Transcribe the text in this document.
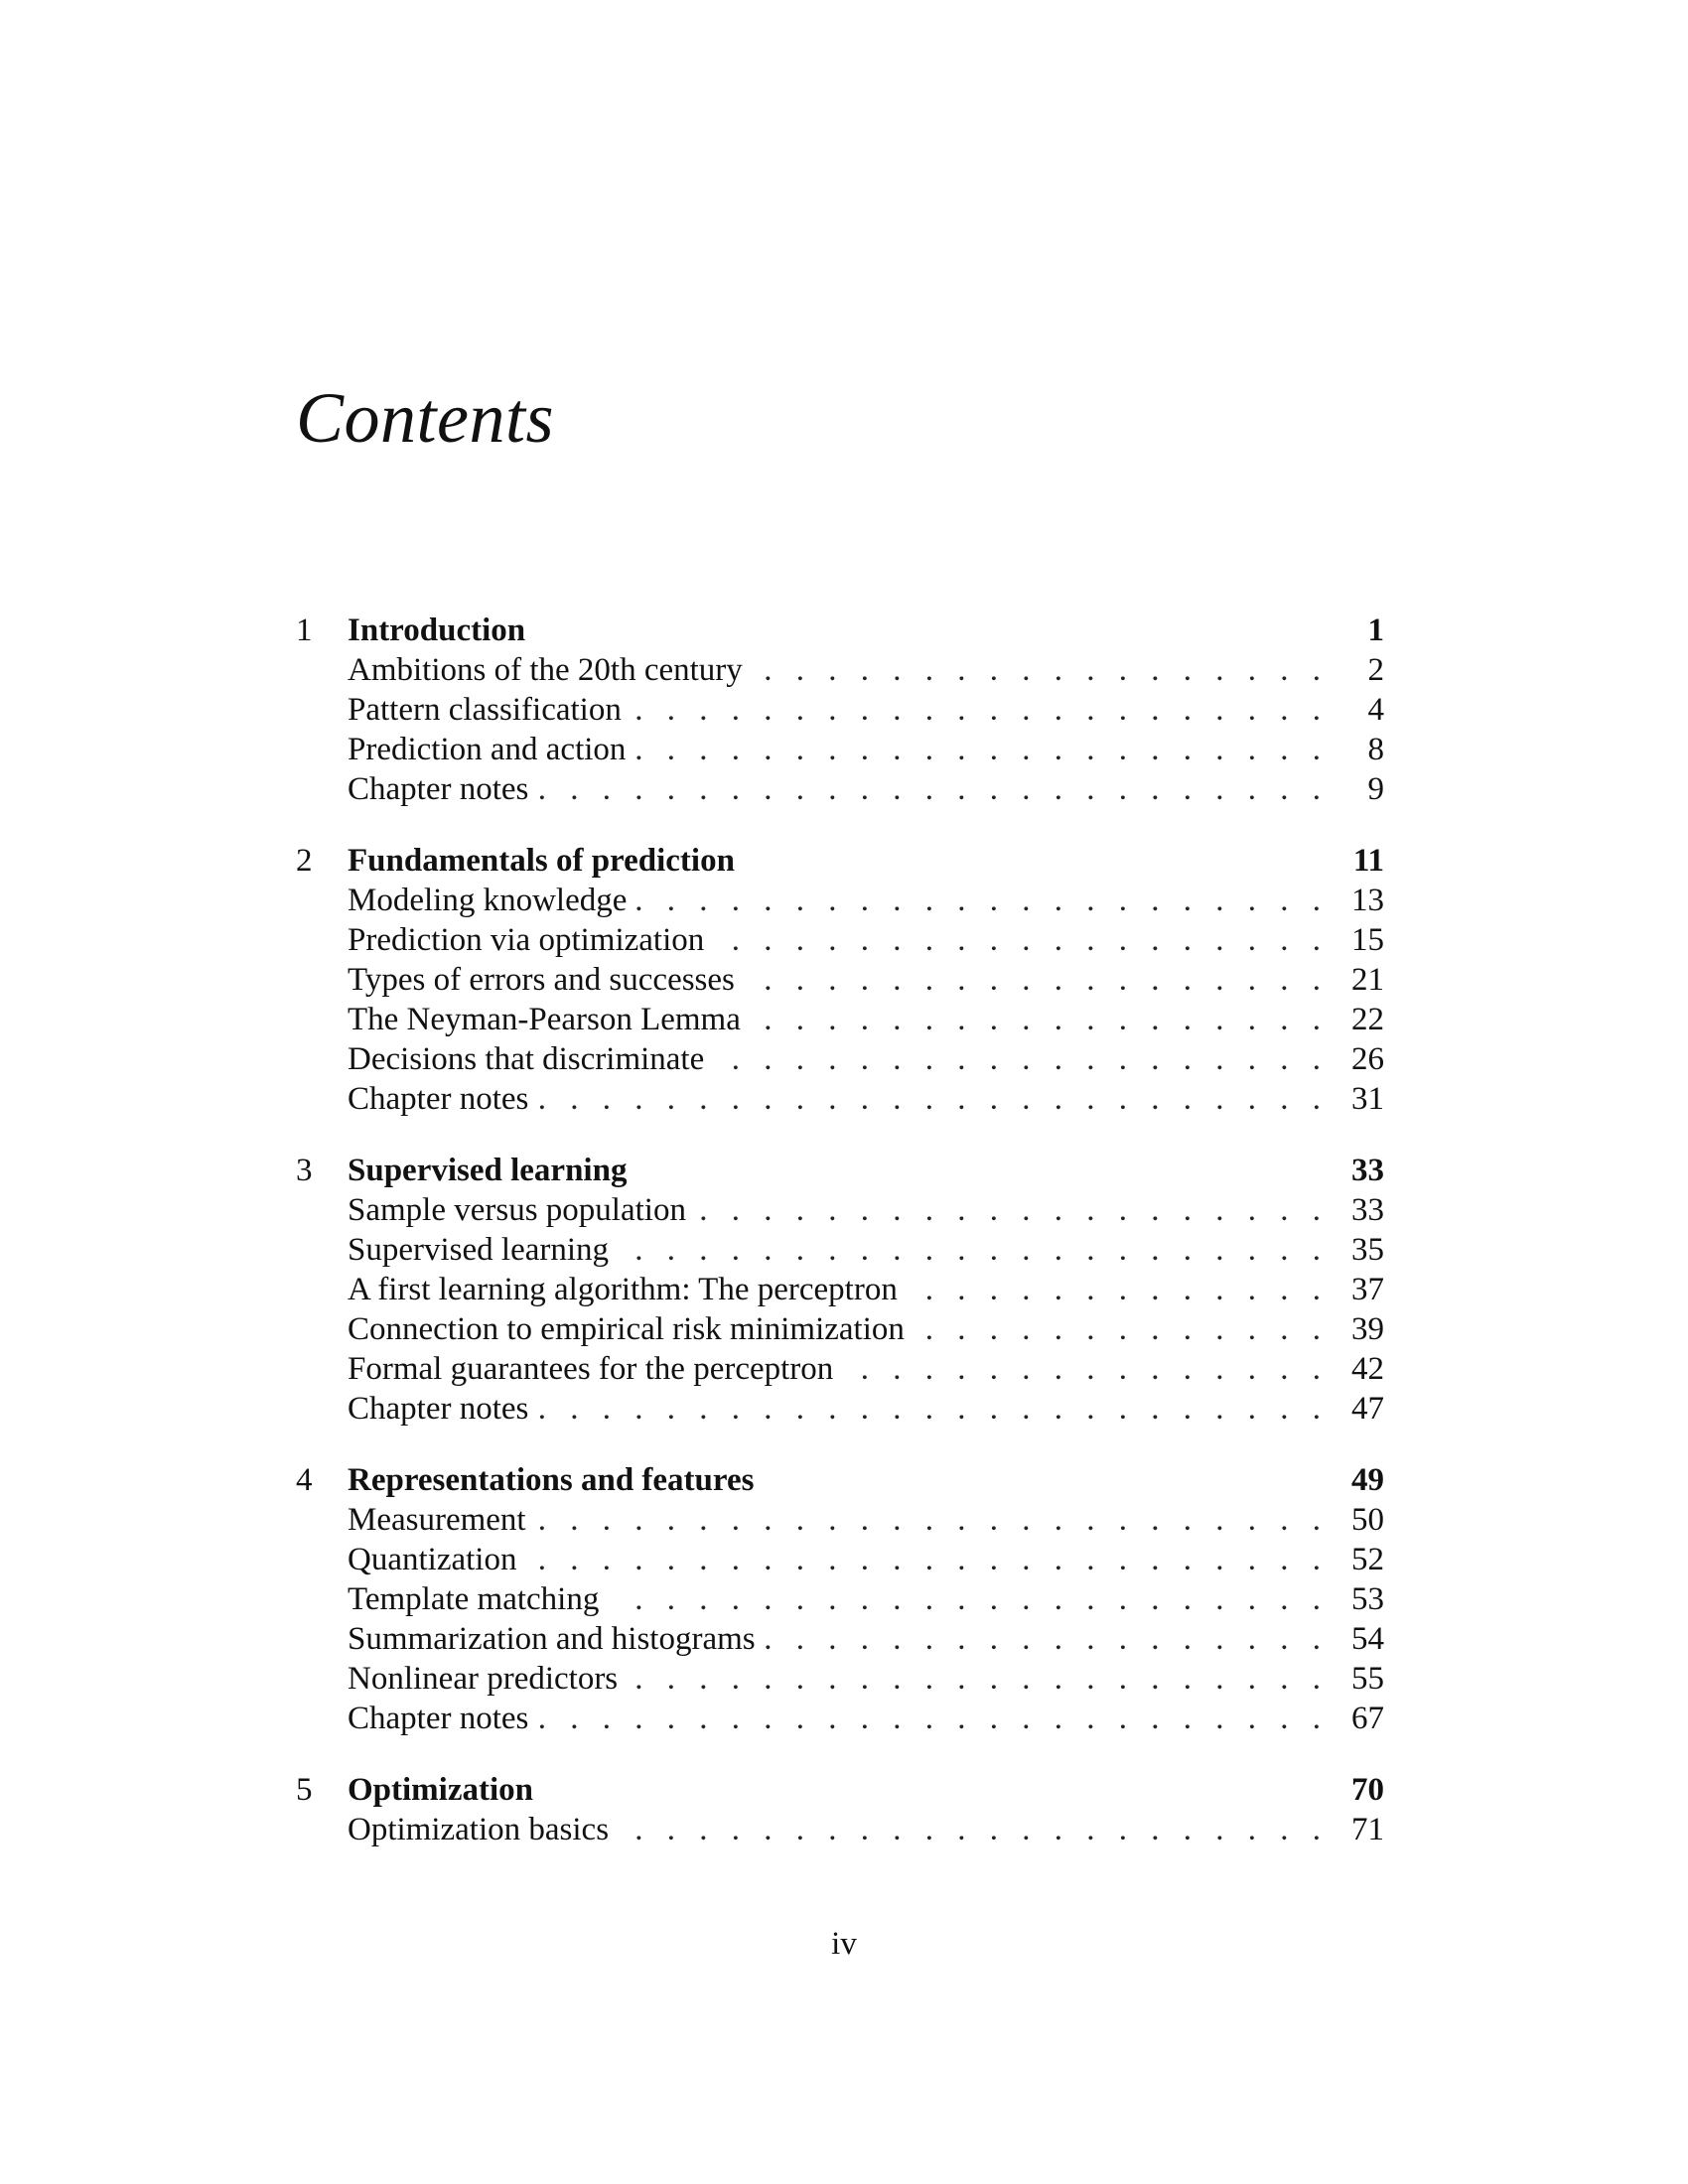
Contents
1	Introduction	1
Ambitions of the 20th century . . .	2
Pattern classification . . .	4
Prediction and action . . .	8
Chapter notes . . .	9
2	Fundamentals of prediction	11
Modeling knowledge . . .	13
Prediction via optimization . . .	15
Types of errors and successes . . .	21
The Neyman-Pearson Lemma . . .	22
Decisions that discriminate . . .	26
Chapter notes . . .	31
3	Supervised learning	33
Sample versus population . . .	33
Supervised learning . . .	35
A first learning algorithm: The perceptron . . .	37
Connection to empirical risk minimization . . .	39
Formal guarantees for the perceptron . . .	42
Chapter notes . . .	47
4	Representations and features	49
Measurement . . .	50
Quantization . . .	52
Template matching . . .	53
Summarization and histograms . . .	54
Nonlinear predictors . . .	55
Chapter notes . . .	67
5	Optimization	70
Optimization basics . . .	71
iv
